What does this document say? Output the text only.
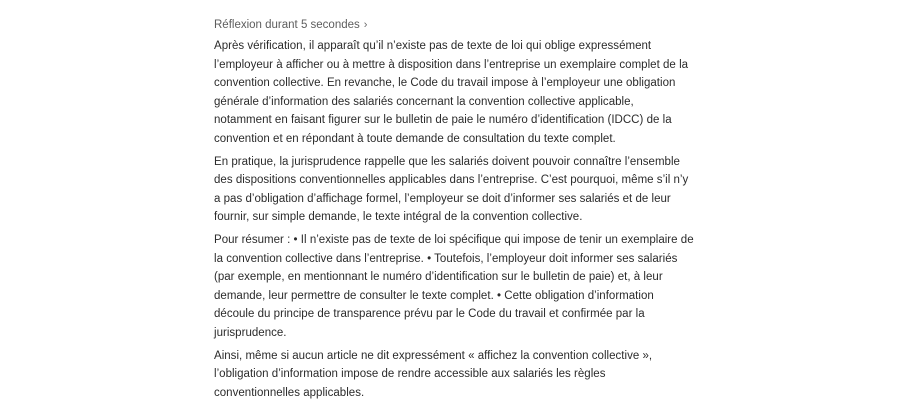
Réflexion durant 5 secondes ›

Après vérification, il apparaît qu’il n’existe pas de texte de loi qui oblige expressément l’employeur à afficher ou à mettre à disposition dans l’entreprise un exemplaire complet de la convention collective. En revanche, le Code du travail impose à l’employeur une obligation générale d’information des salariés concernant la convention collective applicable, notamment en faisant figurer sur le bulletin de paie le numéro d’identification (IDCC) de la convention et en répondant à toute demande de consultation du texte complet.

En pratique, la jurisprudence rappelle que les salariés doivent pouvoir connaître l’ensemble des dispositions conventionnelles applicables dans l’entreprise. C’est pourquoi, même s’il n’y a pas d’obligation d’affichage formel, l’employeur se doit d’informer ses salariés et de leur fournir, sur simple demande, le texte intégral de la convention collective.

Pour résumer : • Il n’existe pas de texte de loi spécifique qui impose de tenir un exemplaire de la convention collective dans l’entreprise. • Toutefois, l’employeur doit informer ses salariés (par exemple, en mentionnant le numéro d’identification sur le bulletin de paie) et, à leur demande, leur permettre de consulter le texte complet. • Cette obligation d’information découle du principe de transparence prévu par le Code du travail et confirmée par la jurisprudence.

Ainsi, même si aucun article ne dit expressément « affichez la convention collective », l’obligation d’information impose de rendre accessible aux salariés les règles conventionnelles applicables.
